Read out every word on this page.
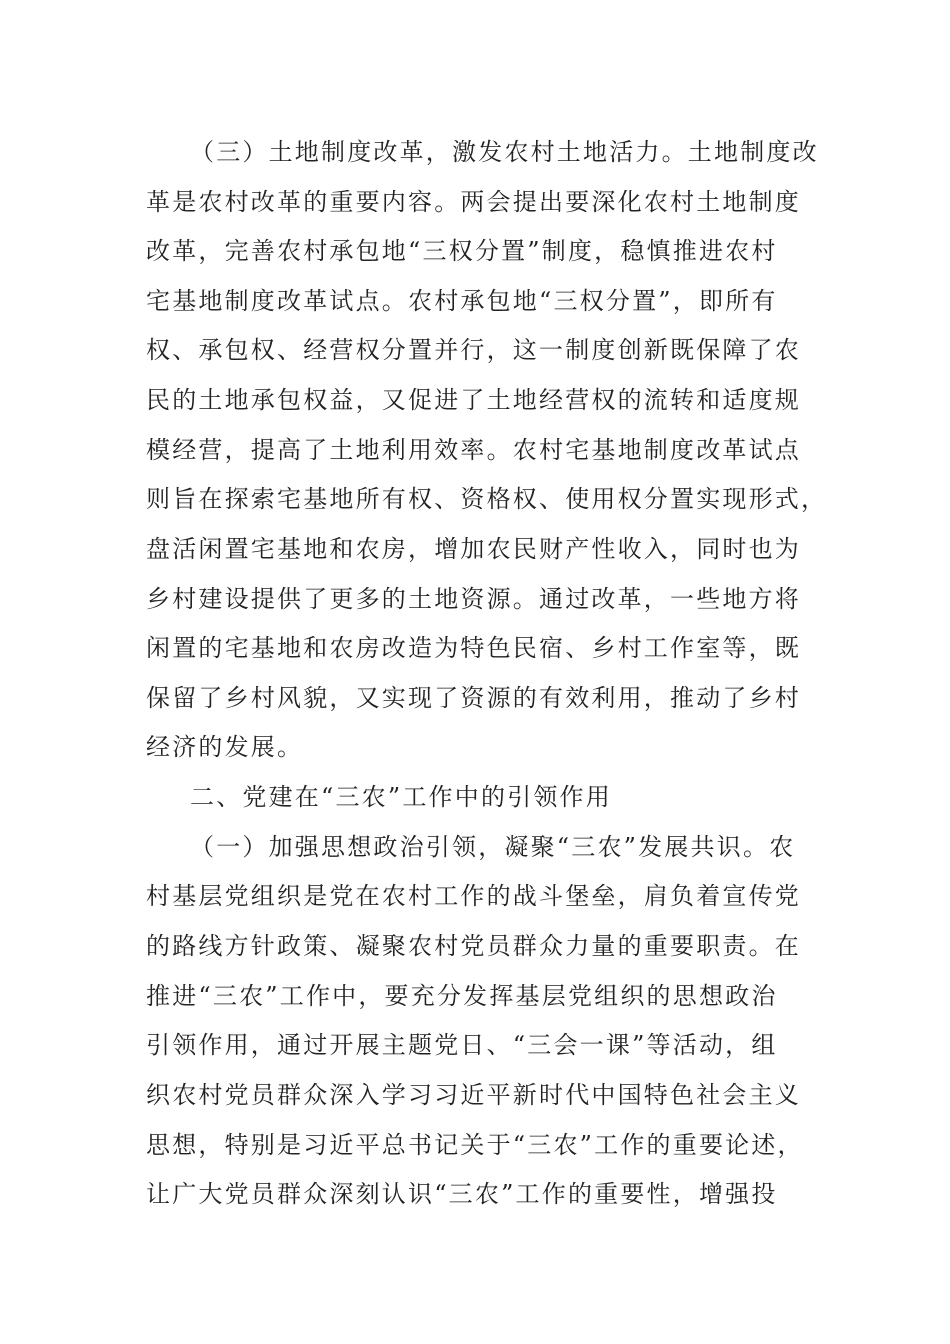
（三）土地制度改革，激发农村土地活力。土地制度改
革是农村改革的重要内容。两会提出要深化农村土地制度
改革，完善农村承包地“三权分置”制度，稳慎推进农村
宅基地制度改革试点。农村承包地“三权分置”，即所有
权、承包权、经营权分置并行，这一制度创新既保障了农
民的土地承包权益，又促进了土地经营权的流转和适度规
模经营，提高了土地利用效率。农村宅基地制度改革试点
则旨在探索宅基地所有权、资格权、使用权分置实现形式，
盘活闲置宅基地和农房，增加农民财产性收入，同时也为
乡村建设提供了更多的土地资源。通过改革，一些地方将
闲置的宅基地和农房改造为特色民宿、乡村工作室等，既
保留了乡村风貌，又实现了资源的有效利用，推动了乡村
经济的发展。
二、党建在“三农”工作中的引领作用
（一）加强思想政治引领，凝聚“三农”发展共识。农
村基层党组织是党在农村工作的战斗堡垒，肩负着宣传党
的路线方针政策、凝聚农村党员群众力量的重要职责。在
推进“三农”工作中，要充分发挥基层党组织的思想政治
引领作用，通过开展主题党日、“三会一课”等活动，组
织农村党员群众深入学习习近平新时代中国特色社会主义
思想，特别是习近平总书记关于“三农”工作的重要论述，
让广大党员群众深刻认识“三农”工作的重要性，增强投
